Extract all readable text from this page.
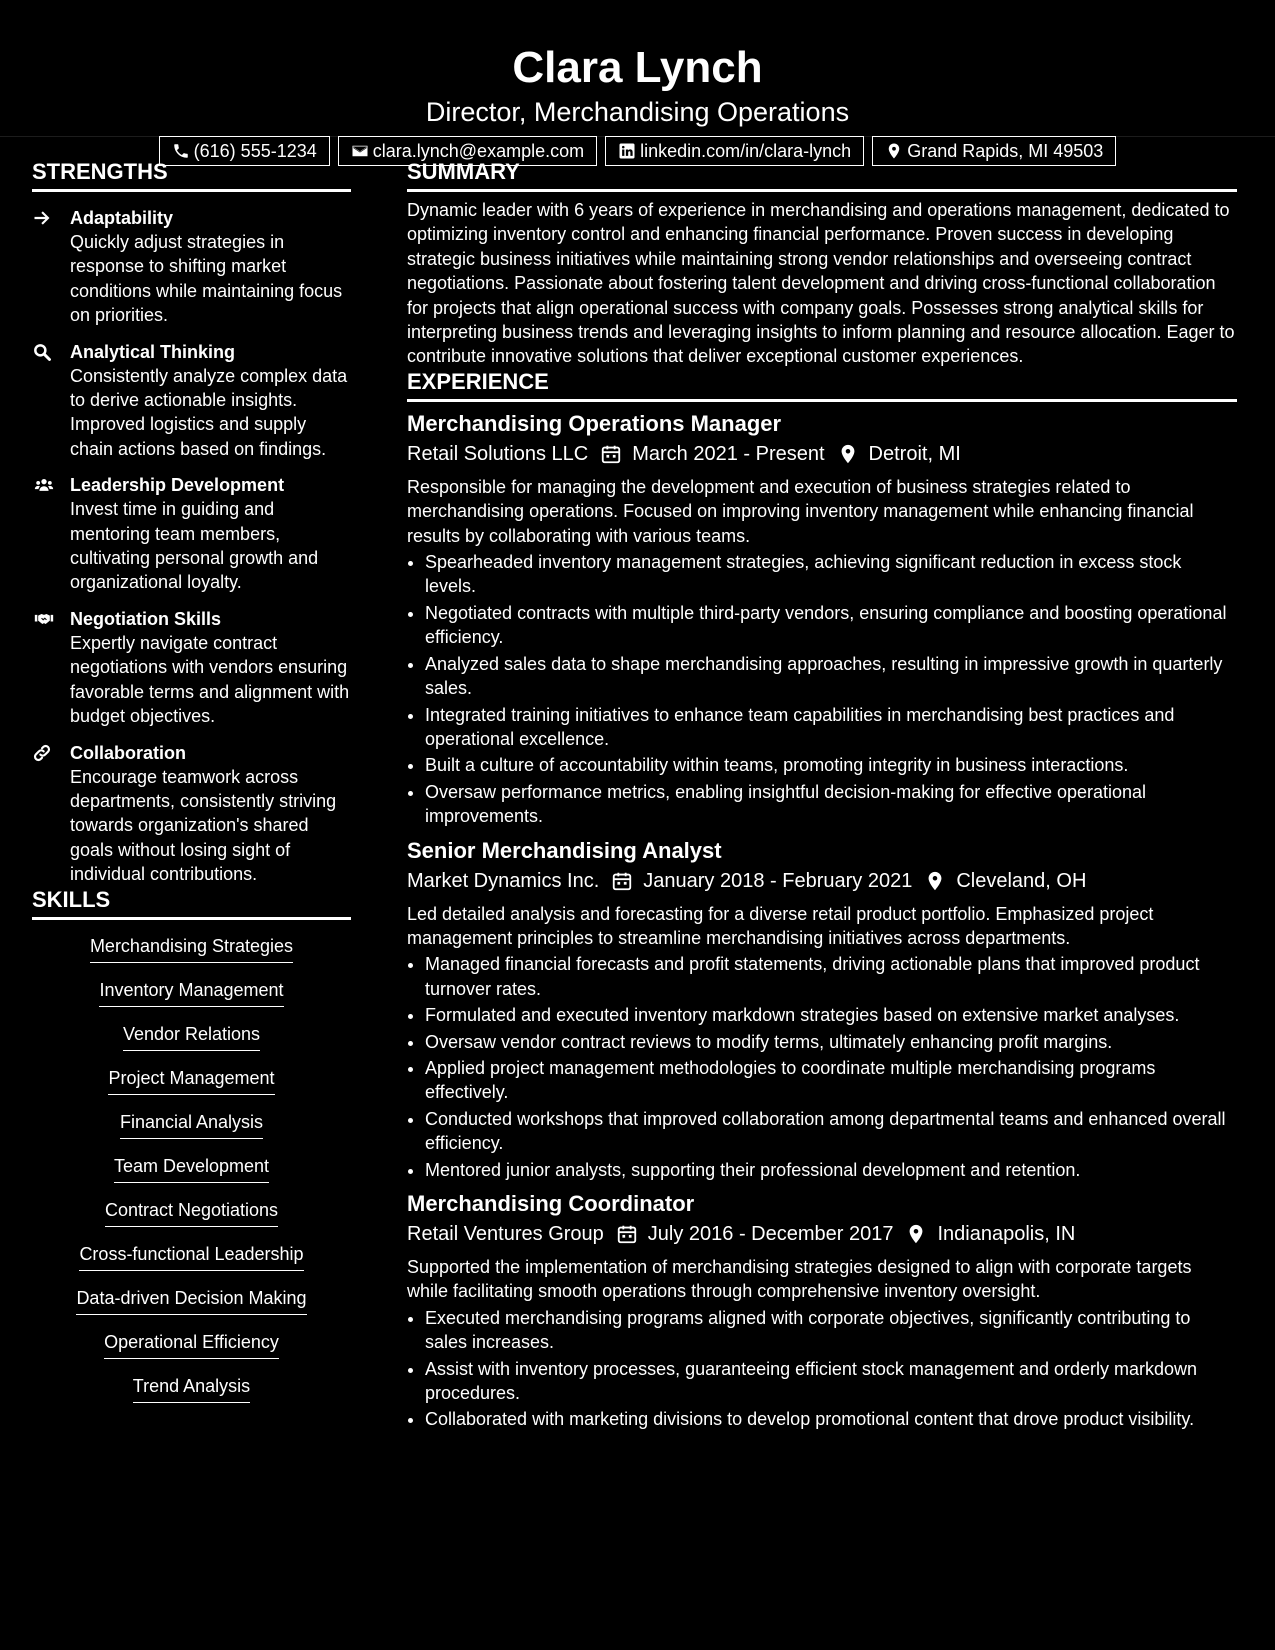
Clara Lynch
Director, Merchandising Operations
(616) 555-1234	clara.lynch@example.com	linkedin.com/in/clara-lynch	Grand Rapids, MI 49503
STRENGTHS
Adaptability
Quickly adjust strategies in response to shifting market conditions while maintaining focus on priorities.
Analytical Thinking
Consistently analyze complex data to derive actionable insights. Improved logistics and supply chain actions based on findings.
Leadership Development
Invest time in guiding and mentoring team members, cultivating personal growth and organizational loyalty.
Negotiation Skills
Expertly navigate contract negotiations with vendors ensuring favorable terms and alignment with budget objectives.
Collaboration
Encourage teamwork across departments, consistently striving towards organization's shared goals without losing sight of individual contributions.
SKILLS
Merchandising Strategies
Inventory Management
Vendor Relations
Project Management
Financial Analysis
Team Development
Contract Negotiations
Cross-functional Leadership
Data-driven Decision Making
Operational Efficiency
Trend Analysis
SUMMARY
Dynamic leader with 6 years of experience in merchandising and operations management, dedicated to optimizing inventory control and enhancing financial performance. Proven success in developing strategic business initiatives while maintaining strong vendor relationships and overseeing contract negotiations. Passionate about fostering talent development and driving cross-functional collaboration for projects that align operational success with company goals. Possesses strong analytical skills for interpreting business trends and leveraging insights to inform planning and resource allocation. Eager to contribute innovative solutions that deliver exceptional customer experiences.
EXPERIENCE
Merchandising Operations Manager
Retail Solutions LLC March 2021 - Present Detroit, MI
Responsible for managing the development and execution of business strategies related to merchandising operations. Focused on improving inventory management while enhancing financial results by collaborating with various teams.
• Spearheaded inventory management strategies, achieving significant reduction in excess stock levels.
• Negotiated contracts with multiple third-party vendors, ensuring compliance and boosting operational efficiency.
• Analyzed sales data to shape merchandising approaches, resulting in impressive growth in quarterly sales.
• Integrated training initiatives to enhance team capabilities in merchandising best practices and operational excellence.
• Built a culture of accountability within teams, promoting integrity in business interactions.
• Oversaw performance metrics, enabling insightful decision-making for effective operational improvements.
Senior Merchandising Analyst
Market Dynamics Inc. January 2018 - February 2021 Cleveland, OH
Led detailed analysis and forecasting for a diverse retail product portfolio. Emphasized project management principles to streamline merchandising initiatives across departments.
• Managed financial forecasts and profit statements, driving actionable plans that improved product turnover rates.
• Formulated and executed inventory markdown strategies based on extensive market analyses.
• Oversaw vendor contract reviews to modify terms, ultimately enhancing profit margins.
• Applied project management methodologies to coordinate multiple merchandising programs effectively.
• Conducted workshops that improved collaboration among departmental teams and enhanced overall efficiency.
• Mentored junior analysts, supporting their professional development and retention.
Merchandising Coordinator
Retail Ventures Group July 2016 - December 2017 Indianapolis, IN
Supported the implementation of merchandising strategies designed to align with corporate targets while facilitating smooth operations through comprehensive inventory oversight.
• Executed merchandising programs aligned with corporate objectives, significantly contributing to sales increases.
• Assist with inventory processes, guaranteeing efficient stock management and orderly markdown procedures.
• Collaborated with marketing divisions to develop promotional content that drove product visibility.
